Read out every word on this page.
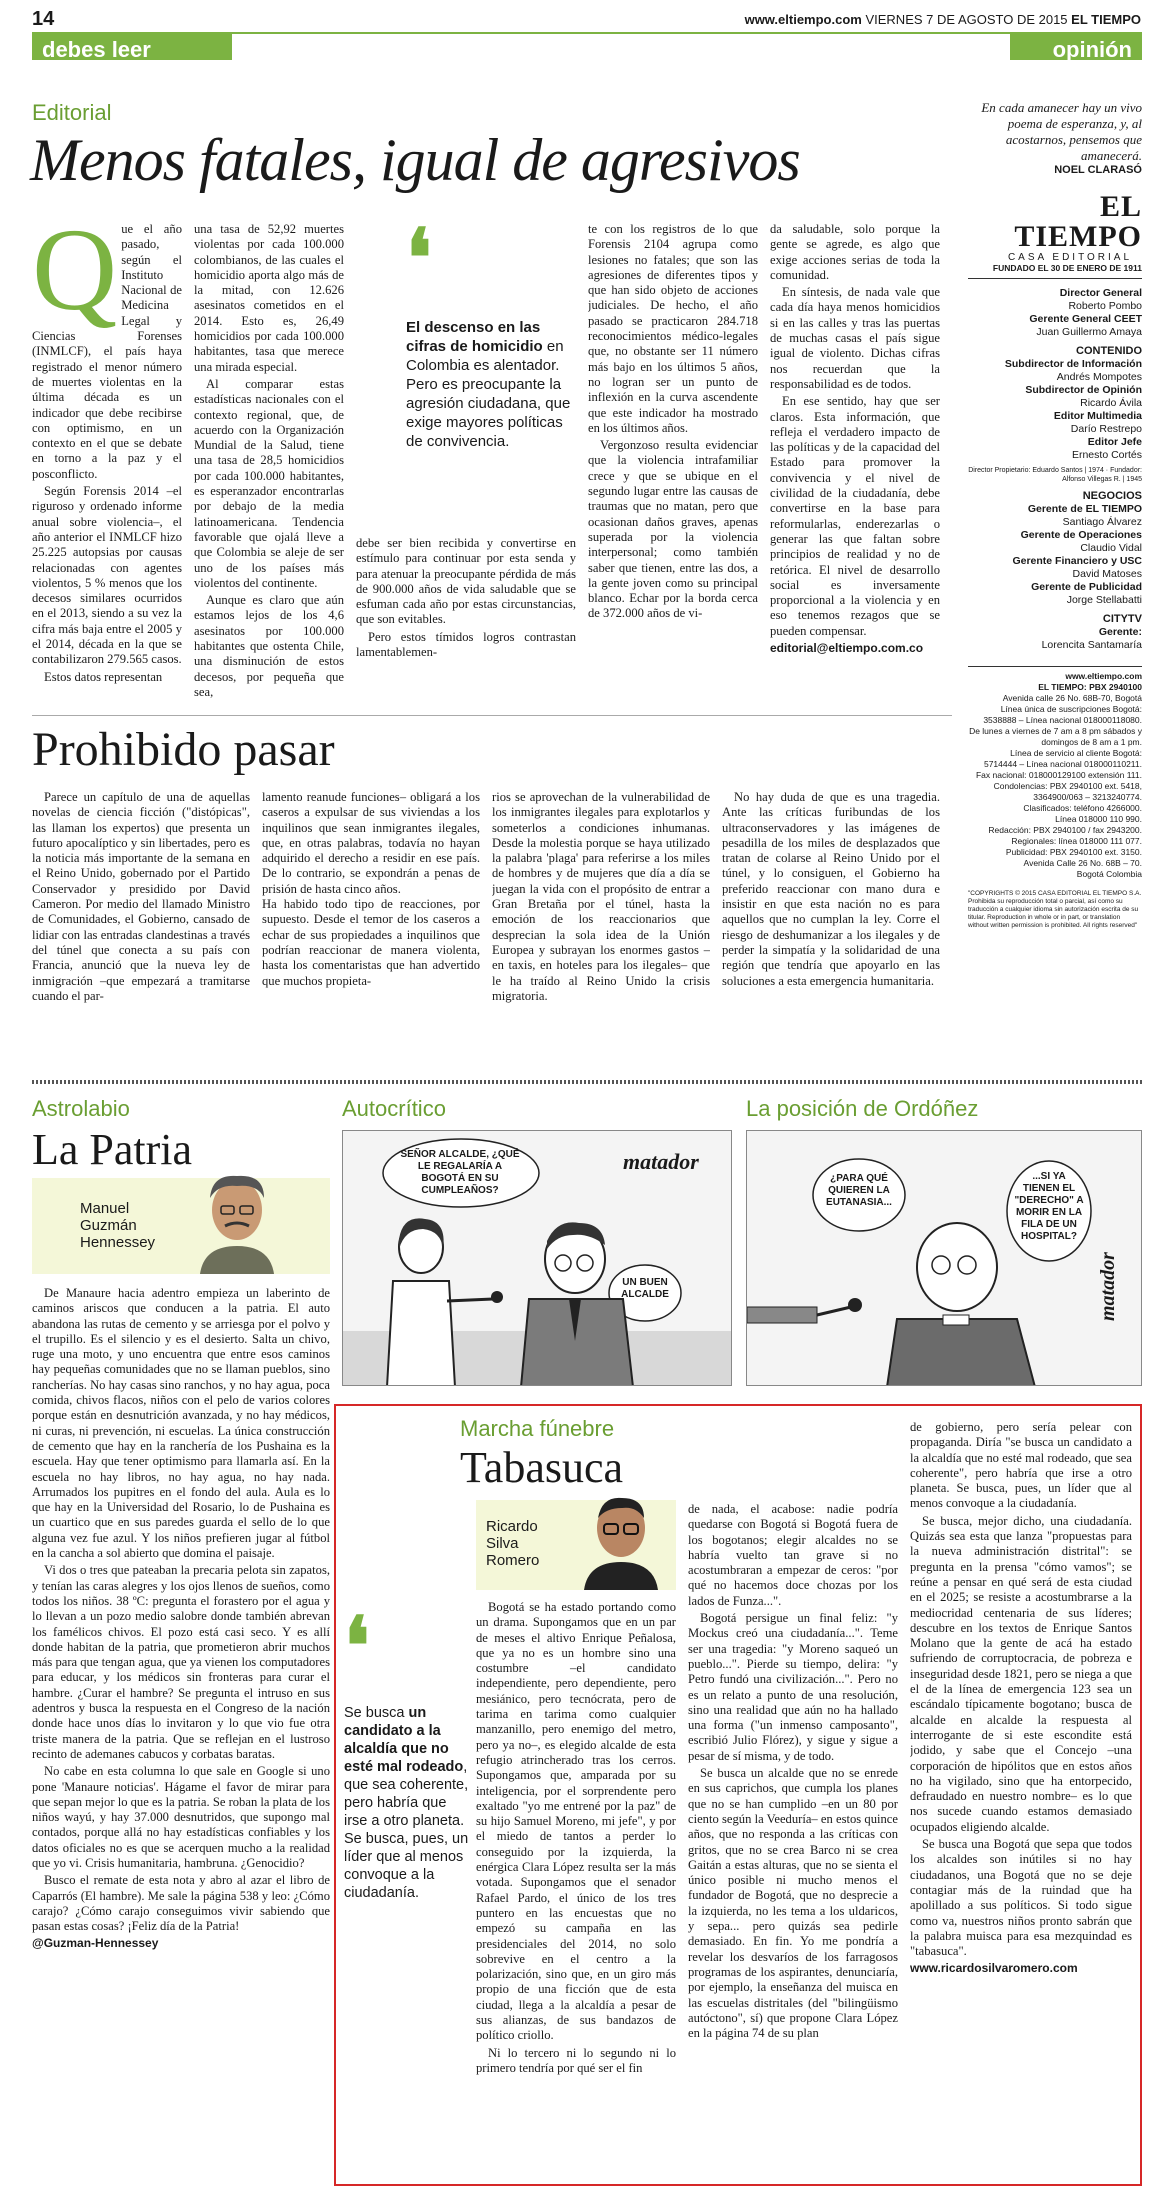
14	www.eltiempo.com VIERNES 7 DE AGOSTO DE 2015 EL TIEMPO
debes leer	opinión
Editorial
Menos fatales, igual de agresivos
Q ue el año pasado, según el Instituto Nacional de Medicina Legal y Ciencias Forenses (INMLCF), el país haya registrado el menor número de muertes violentas en la última década es un indicador que debe recibirse con optimismo, en un contexto en el que se debate en torno a la paz y el posconflicto.

Según Forensis 2014 –el riguroso y ordenado informe anual sobre violencia–, el año anterior el INMLCF hizo 25.225 autopsias por causas relacionadas con agentes violentos, 5 % menos que los decesos similares ocurridos en el 2013, siendo a su vez la cifra más baja entre el 2005 y el 2014, década en la que se contabilizaron 279.565 casos.

Estos datos representan

una tasa de 52,92 muertes violentas por cada 100.000 colombianos, de las cuales el homicidio aporta algo más de la mitad, con 12.626 asesinatos cometidos en el 2014. Esto es, 26,49 homicidios por cada 100.000 habitantes, tasa que merece una mirada especial.

Al comparar estas estadísticas nacionales con el contexto regional, que, de acuerdo con la Organización Mundial de la Salud, tiene una tasa de 28,5 homicidios por cada 100.000 habitantes, es esperanzador encontrarlas por debajo de la media latinoamericana. Tendencia favorable que ojalá lleve a que Colombia se aleje de ser uno de los países más violentos del continente.

Aunque es claro que aún estamos lejos de los 4,6 asesinatos por 100.000 habitantes que ostenta Chile, una disminución de estos decesos, por pequeña que sea,

❛
El descenso en las cifras de homicidio en Colombia es alentador. Pero es preocupante la agresión ciudadana, que exige mayores políticas de convivencia.

debe ser bien recibida y convertirse en estímulo para continuar por esta senda y para atenuar la preocupante pérdida de más de 900.000 años de vida saludable que se esfuman cada año por estas circunstancias, que son evitables.

Pero estos tímidos logros contrastan lamentablemen-

te con los registros de lo que Forensis 2104 agrupa como lesiones no fatales; que son las agresiones de diferentes tipos y que han sido objeto de acciones judiciales. De hecho, el año pasado se practicaron 284.718 reconocimientos médico-legales que, no obstante ser 11 número más bajo en los últimos 5 años, no logran ser un punto de inflexión en la curva ascendente que este indicador ha mostrado en los últimos años.

Vergonzoso resulta evidenciar que la violencia intrafamiliar crece y que se ubique en el segundo lugar entre las causas de traumas que no matan, pero que ocasionan daños graves, apenas superada por la violencia interpersonal; como también saber que tienen, entre las dos, a la gente joven como su principal blanco. Echar por la borda cerca de 372.000 años de vi-

da saludable, solo porque la gente se agrede, es algo que exige acciones serias de toda la comunidad.

En síntesis, de nada vale que cada día haya menos homicidios si en las calles y tras las puertas de muchas casas el país sigue igual de violento. Dichas cifras nos recuerdan que la responsabilidad es de todos.

En ese sentido, hay que ser claros. Esta información, que refleja el verdadero impacto de las políticas y de la capacidad del Estado para promover la convivencia y el nivel de civilidad de la ciudadanía, debe convertirse en la base para reformularlas, enderezarlas o generar las que faltan sobre principios de realidad y no de retórica. El nivel de desarrollo social es inversamente proporcional a la violencia y en eso tenemos rezagos que se pueden compensar.

editorial@eltiempo.com.co
En cada amanecer hay un vivo poema de esperanza, y, al acostarnos, pensemos que amanecerá.
NOEL CLARASÓ
EL TIEMPO
CASA EDITORIAL
FUNDADO EL 30 DE ENERO DE 1911
Director General
Roberto Pombo
Gerente General CEET
Juan Guillermo Amaya
CONTENIDO
Subdirector de Información
Andrés Mompotes
Subdirector de Opinión
Ricardo Ávila
Editor Multimedia
Darío Restrepo
Editor Jefe
Ernesto Cortés
Director Propietario: Eduardo Santos | 1974 · Fundador: Alfonso Villegas R. | 1945
NEGOCIOS
Gerente de EL TIEMPO
Santiago Álvarez
Gerente de Operaciones
Claudio Vidal
Gerente Financiero y USC
David Matoses
Gerente de Publicidad
Jorge Stellabatti
CITYTV
Gerente:
Lorencita Santamaría
www.eltiempo.com
EL TIEMPO: PBX 2940100
Avenida calle 26 No. 68B-70, Bogotá
Línea única de suscripciones Bogotá:
3538888 – Línea nacional 018000118080.
De lunes a viernes de 7 am a 8 pm sábados y
domingos de 8 am a 1 pm.
Línea de servicio al cliente Bogotá:
5714444 – Línea nacional 018000110211.
Fax nacional: 018000129100 extensión 111.
Condolencias: PBX 2940100 ext. 5418,
3364900/063 – 3213240774.
Clasificados: teléfono 4266000.
Línea 018000 110 990.
Redacción: PBX 2940100 / fax 2943200.
Regionales: línea 018000 111 077.
Publicidad: PBX 2940100 ext. 3150.
Avenida Calle 26 No. 68B – 70.
Bogotá Colombia
"COPYRIGHTS © 2015 CASA EDITORIAL EL TIEMPO S.A. Prohibida su reproducción total o parcial, así como su traducción a cualquier idioma sin autorización escrita de su titular. Reproduction in whole or in part, or translation without written permission is prohibited. All rights reserved"
Prohibido pasar

Parece un capítulo de una de aquellas novelas de ciencia ficción ("distópicas", las llaman los expertos) que presenta un futuro apocalíptico y sin libertades, pero es la noticia más importante de la semana en el Reino Unido, gobernado por el Partido Conservador y presidido por David Cameron. Por medio del llamado Ministro de Comunidades, el Gobierno, cansado de lidiar con las entradas clandestinas a través del túnel que conecta a su país con Francia, anunció que la nueva ley de inmigración –que empezará a tramitarse cuando el par-

lamento reanude funciones– obligará a los caseros a expulsar de sus viviendas a los inquilinos que sean inmigrantes ilegales, que, en otras palabras, todavía no hayan adquirido el derecho a residir en ese país. De lo contrario, se expondrán a penas de prisión de hasta cinco años.
Ha habido todo tipo de reacciones, por supuesto. Desde el temor de los caseros a echar de sus propiedades a inquilinos que podrían reaccionar de manera violenta, hasta los comentaristas que han advertido que muchos propieta-

rios se aprovechan de la vulnerabilidad de los inmigrantes ilegales para explotarlos y someterlos a condiciones inhumanas. Desde la molestia porque se haya utilizado la palabra 'plaga' para referirse a los miles de hombres y de mujeres que día a día se juegan la vida con el propósito de entrar a Gran Bretaña por el túnel, hasta la emoción de los reaccionarios que desprecian la sola idea de la Unión Europea y subrayan los enormes gastos –en taxis, en hoteles para los ilegales– que le ha traído al Reino Unido la crisis migratoria.

No hay duda de que es una tragedia. Ante las críticas furibundas de los ultraconservadores y las imágenes de pesadilla de los miles de desplazados que tratan de colarse al Reino Unido por el túnel, y lo consiguen, el Gobierno ha preferido reaccionar con mano dura e insistir en que esta nación no es para aquellos que no cumplan la ley. Corre el riesgo de deshumanizar a los ilegales y de perder la simpatía y la solidaridad de una región que tendría que apoyarlo en las soluciones a esta emergencia humanitaria.

Astrolabio
La Patria
Manuel Guzmán Hennessey

De Manaure hacia adentro empieza un laberinto de caminos ariscos que conducen a la patria. El auto abandona las rutas de cemento y se arriesga por el polvo y el trupillo. Es el silencio y es el desierto. Salta un chivo, ruge una moto, y uno encuentra que entre esos caminos hay pequeñas comunidades que no se llaman pueblos, sino rancherías. No hay casas sino ranchos, y no hay agua, poca comida, chivos flacos, niños con el pelo de varios colores porque están en desnutrición avanzada, y no hay médicos, ni curas, ni prevención, ni escuelas. La única construcción de cemento que hay en la ranchería de los Pushaina es la escuela. Hay que tener optimismo para llamarla así. En la escuela no hay libros, no hay agua, no hay nada. Arrumados los pupitres en el fondo del aula. Aula es lo que hay en la Universidad del Rosario, lo de Pushaina es un cuartico que en sus paredes guarda el sello de lo que alguna vez fue azul. Y los niños prefieren jugar al fútbol en la cancha a sol abierto que domina el paisaje.

Vi dos o tres que pateaban la precaria pelota sin zapatos, y tenían las caras alegres y los ojos llenos de sueños, como todos los niños. 38 ºC: pregunta el forastero por el agua y lo llevan a un pozo medio salobre donde también abrevan los famélicos chivos. El pozo está casi seco. Y es allí donde habitan de la patria, que prometieron abrir muchos más para que tengan agua, que ya vienen los computadores para educar, y los médicos sin fronteras para curar el hambre. ¿Curar el hambre? Se pregunta el intruso en sus adentros y busca la respuesta en el Congreso de la nación donde hace unos días lo invitaron y lo que vio fue otra triste manera de la patria. Que se reflejan en el lustroso recinto de ademanes cabucos y corbatas baratas.

No cabe en esta columna lo que sale en Google si uno pone 'Manaure noticias'. Hágame el favor de mirar para que sepan mejor lo que es la patria. Se roban la plata de los niños wayú, y hay 37.000 desnutridos, que supongo mal contados, porque allá no hay estadísticas confiables y los datos oficiales no es que se acerquen mucho a la realidad que yo vi. Crisis humanitaria, hambruna. ¿Genocidio?

Busco el remate de esta nota y abro al azar el libro de Caparrós (El hambre). Me sale la página 538 y leo: ¿Cómo carajo? ¿Cómo carajo conseguimos vivir sabiendo que pasan estas cosas? ¡Feliz día de la Patria!

@Guzman-Hennessey
Autocrítico
SEÑOR ALCALDE, ¿QUÉ LE REGALARÍA A BOGOTÁ EN SU CUMPLEAÑOS?
UN BUEN ALCALDE
matador
La posición de Ordóñez
¿PARA QUÉ QUIEREN LA EUTANASIA...
...SI YA TIENEN EL "DERECHO" A MORIR EN LA FILA DE UN HOSPITAL?
matador
Marcha fúnebre
Tabasuca
Ricardo Silva Romero
❛
Se busca un candidato a la alcaldía que no esté mal rodeado, que sea coherente, pero habría que irse a otro planeta. Se busca, pues, un líder que al menos convoque a la ciudadanía.

Bogotá se ha estado portando como un drama. Supongamos que en un par de meses el altivo Enrique Peñalosa, que ya no es un hombre sino una costumbre –el candidato independiente, pero dependiente, pero mesiánico, pero tecnócrata, pero de tarima en tarima como cualquier manzanillo, pero enemigo del metro, pero ya no–, es elegido alcalde de esta refugio atrincherado tras los cerros. Supongamos que, amparada por su inteligencia, por el sorprendente pero exaltado "yo me entrené por la paz" de su hijo Samuel Moreno, mi jefe", y por el miedo de tantos a perder lo conseguido por la izquierda, la enérgica Clara López resulta ser la más votada. Supongamos que el senador Rafael Pardo, el único de los tres puntero en las encuestas que no empezó su campaña en las presidenciales del 2014, no solo sobrevive en el centro a la polarización, sino que, en un giro más propio de una ficción que de esta ciudad, llega a la alcaldía a pesar de sus alianzas, de sus bandazos de político criollo.

Ni lo tercero ni lo segundo ni lo primero tendría por qué ser el fin

de nada, el acabose: nadie podría quedarse con Bogotá si Bogotá fuera de los bogotanos; elegir alcaldes no se habría vuelto tan grave si no acostumbraran a empezar de ceros: "por qué no hacemos doce chozas por los lados de Funza...".

Bogotá persigue un final feliz: "y Mockus creó una ciudadanía...". Teme ser una tragedia: "y Moreno saqueó un pueblo...". Pierde su tiempo, delira: "y Petro fundó una civilización...". Pero no es un relato a punto de una resolución, sino una realidad que aún no ha hallado una forma ("un inmenso camposanto", escribió Julio Flórez), y sigue y sigue a pesar de sí misma, y de todo.

Se busca un alcalde que no se enrede en sus caprichos, que cumpla los planes que no se han cumplido –en un 80 por ciento según la Veeduría– en estos quince años, que no responda a las críticas con gritos, que no se crea Barco ni se crea Gaitán a estas alturas, que no se sienta el único posible ni mucho menos el fundador de Bogotá, que no desprecie a la izquierda, no les tema a los uldaricos, y sepa... pero quizás sea pedirle demasiado. En fin. Yo me pondría a revelar los desvaríos de los farragosos programas de los aspirantes, denunciaría, por ejemplo, la enseñanza del muisca en las escuelas distritales (del "bilingüismo autóctono", sí) que propone Clara López en la página 74 de su plan

de gobierno, pero sería pelear con propaganda. Diría "se busca un candidato a la alcaldía que no esté mal rodeado, que sea coherente", pero habría que irse a otro planeta. Se busca, pues, un líder que al menos convoque a la ciudadanía.

Se busca, mejor dicho, una ciudadanía. Quizás sea esta que lanza "propuestas para la nueva administración distrital": se pregunta en la prensa "cómo vamos"; se reúne a pensar en qué será de esta ciudad en el 2025; se resiste a acostumbrarse a la mediocridad centenaria de sus líderes; descubre en los textos de Enrique Santos Molano que la gente de acá ha estado sufriendo de corruptocracia, de pobreza e inseguridad desde 1821, pero se niega a que el de la línea de emergencia 123 sea un escándalo típicamente bogotano; busca de alcalde en alcalde la respuesta al interrogante de si este escondite está jodido, y sabe que el Concejo –una corporación de hipólitos que en estos años no ha vigilado, sino que ha entorpecido, defraudado en nuestro nombre– es lo que nos sucede cuando estamos demasiado ocupados eligiendo alcalde.

Se busca una Bogotá que sepa que todos los alcaldes son inútiles si no hay ciudadanos, una Bogotá que no se deje contagiar más de la ruindad que ha apolillado a sus políticos. Si todo sigue como va, nuestros niños pronto sabrán que la palabra muisca para esa mezquindad es "tabasuca".

www.ricardosilvaromero.com
